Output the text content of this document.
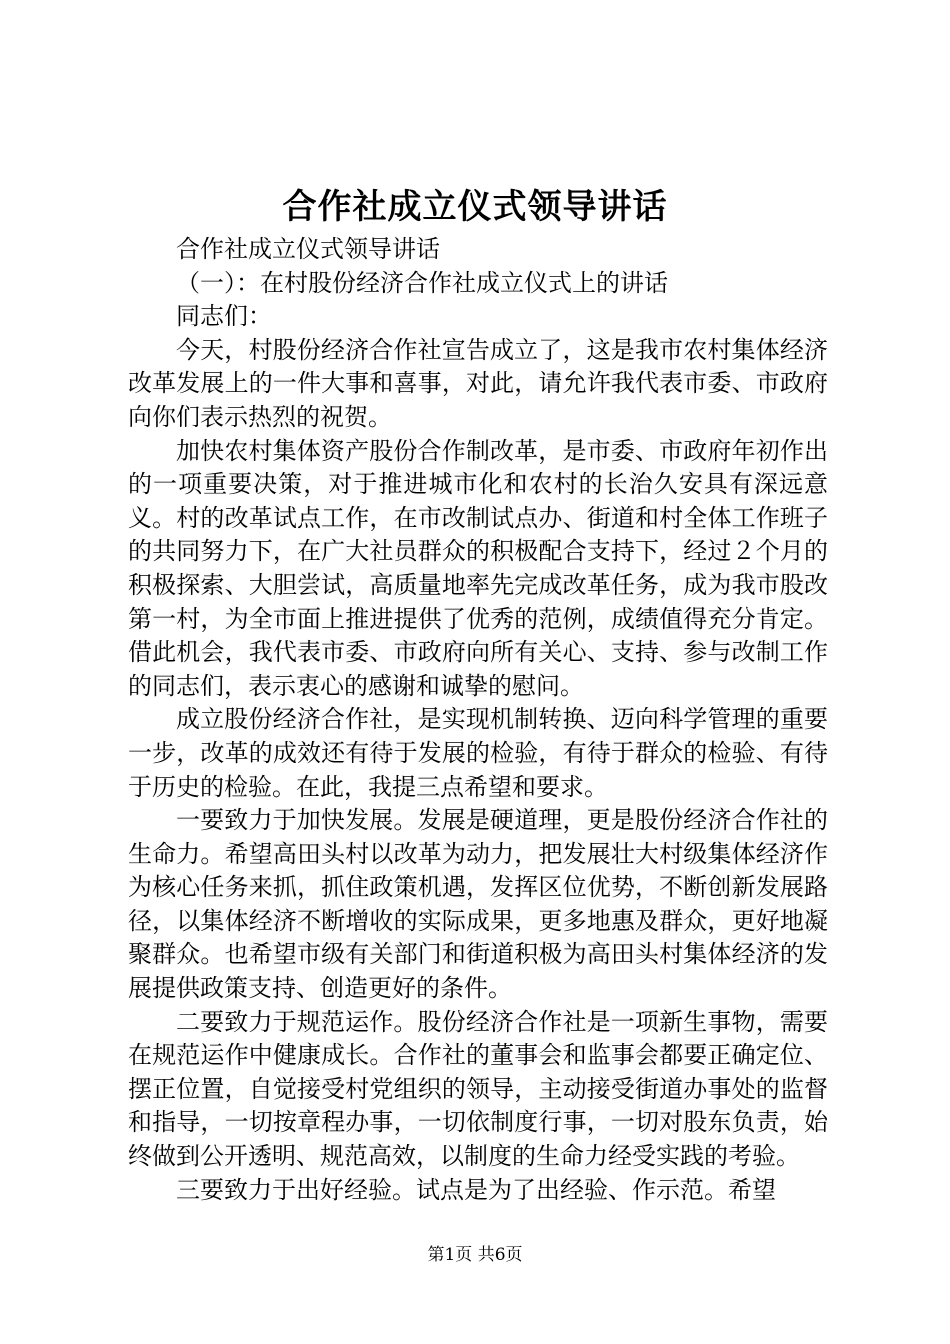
合作社成立仪式领导讲话

合作社成立仪式领导讲话

（一）：在村股份经济合作社成立仪式上的讲话

同志们：

今天，村股份经济合作社宣告成立了，这是我市农村集体经济改革发展上的一件大事和喜事，对此，请允许我代表市委、市政府向你们表示热烈的祝贺。

加快农村集体资产股份合作制改革，是市委、市政府年初作出的一项重要决策，对于推进城市化和农村的长治久安具有深远意义。村的改革试点工作，在市改制试点办、街道和村全体工作班子的共同努力下，在广大社员群众的积极配合支持下，经过２个月的积极探索、大胆尝试，高质量地率先完成改革任务，成为我市股改第一村，为全市面上推进提供了优秀的范例，成绩值得充分肯定。借此机会，我代表市委、市政府向所有关心、支持、参与改制工作的同志们，表示衷心的感谢和诚挚的慰问。

成立股份经济合作社，是实现机制转换、迈向科学管理的重要一步，改革的成效还有待于发展的检验，有待于群众的检验、有待于历史的检验。在此，我提三点希望和要求。

一要致力于加快发展。发展是硬道理，更是股份经济合作社的生命力。希望高田头村以改革为动力，把发展壮大村级集体经济作为核心任务来抓，抓住政策机遇，发挥区位优势，不断创新发展路径，以集体经济不断增收的实际成果，更多地惠及群众，更好地凝聚群众。也希望市级有关部门和街道积极为高田头村集体经济的发展提供政策支持、创造更好的条件。

二要致力于规范运作。股份经济合作社是一项新生事物，需要在规范运作中健康成长。合作社的董事会和监事会都要正确定位、摆正位置，自觉接受村党组织的领导，主动接受街道办事处的监督和指导，一切按章程办事，一切依制度行事，一切对股东负责，始终做到公开透明、规范高效，以制度的生命力经受实践的考验。

三要致力于出好经验。试点是为了出经验、作示范。希望

第1页 共6页
